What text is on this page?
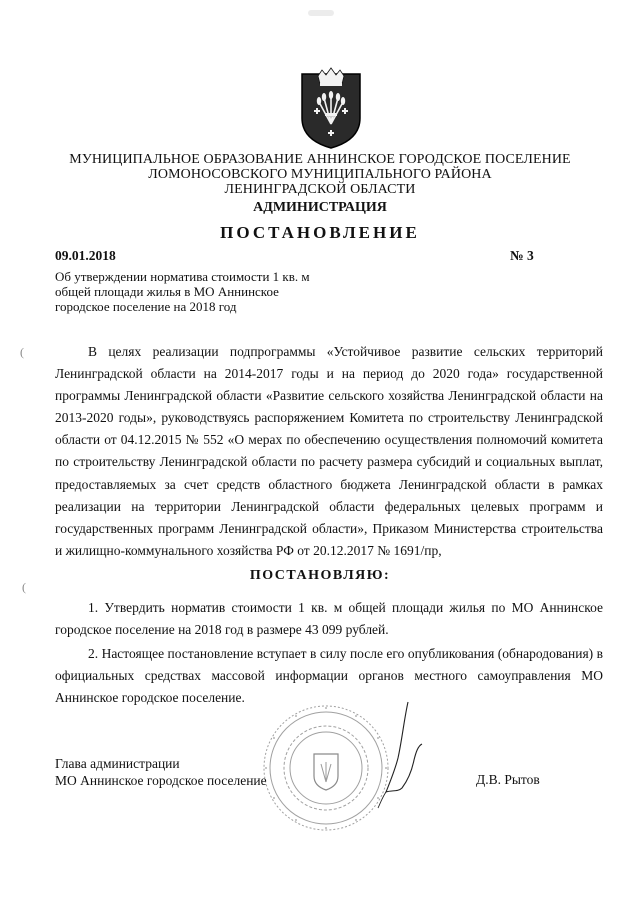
МУНИЦИПАЛЬНОЕ ОБРАЗОВАНИЕ АННИНСКОЕ ГОРОДСКОЕ ПОСЕЛЕНИЕ
ЛОМОНОСОВСКОГО МУНИЦИПАЛЬНОГО РАЙОНА
ЛЕНИНГРАДСКОЙ ОБЛАСТИ
АДМИНИСТРАЦИЯ
ПОСТАНОВЛЕНИЕ
09.01.2018	№ 3
Об утверждении норматива стоимости 1 кв. м
общей площади жилья в МО Аннинское
городское поселение на 2018 год
(
(
В целях реализации подпрограммы «Устойчивое развитие сельских территорий Ленинградской области на 2014-2017 годы и на период до 2020 года» государственной программы Ленинградской области «Развитие сельского хозяйства Ленинградской области на 2013-2020 годы», руководствуясь распоряжением Комитета по строительству Ленинградской области от 04.12.2015 № 552 «О мерах по обеспечению осуществления полномочий комитета по строительству Ленинградской области по расчету размера субсидий и социальных выплат, предоставляемых за счет средств областного бюджета Ленинградской области в рамках реализации на территории Ленинградской области федеральных целевых программ и государственных программ Ленинградской области», Приказом Министерства строительства и жилищно-коммунального хозяйства РФ от 20.12.2017 № 1691/пр,
ПОСТАНОВЛЯЮ:
1. Утвердить норматив стоимости 1 кв. м общей площади жилья по МО Аннинское городское поселение на 2018 год в размере 43 099 рублей.
2. Настоящее постановление вступает в силу после его опубликования (обнародования) в официальных средствах массовой информации органов местного самоуправления МО Аннинское городское поселение.
Глава администрации
МО Аннинское городское поселение	Д.В. Рытов
